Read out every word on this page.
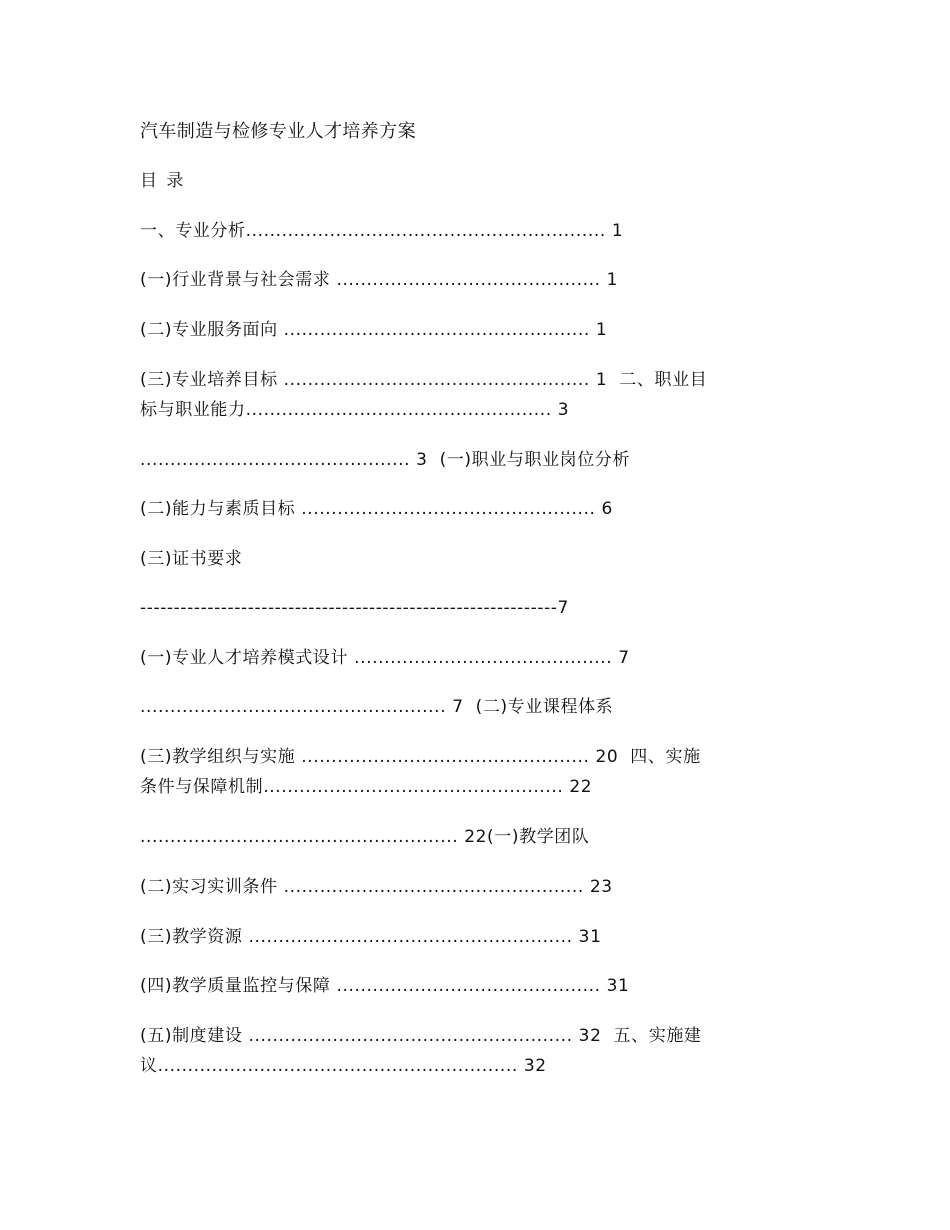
汽车制造与检修专业人才培养方案
目 录
一、专业分析............................................................ 1
(一)行业背景与社会需求 ............................................ 1
(二)专业服务面向 ................................................... 1
(三)专业培养目标 ................................................... 1  二、职业目
标与职业能力................................................... 3
............................................. 3  (一)职业与职业岗位分析
(二)能力与素质目标 ................................................. 6
(三)证书要求
--------------------------------------------------------------7
(一)专业人才培养模式设计 ........................................... 7
................................................... 7  (二)专业课程体系
(三)教学组织与实施 ................................................ 20  四、实施
条件与保障机制.................................................. 22
..................................................... 22(一)教学团队
(二)实习实训条件 .................................................. 23
(三)教学资源 ...................................................... 31
(四)教学质量监控与保障 ............................................ 31
(五)制度建设 ...................................................... 32  五、实施建
议............................................................ 32
